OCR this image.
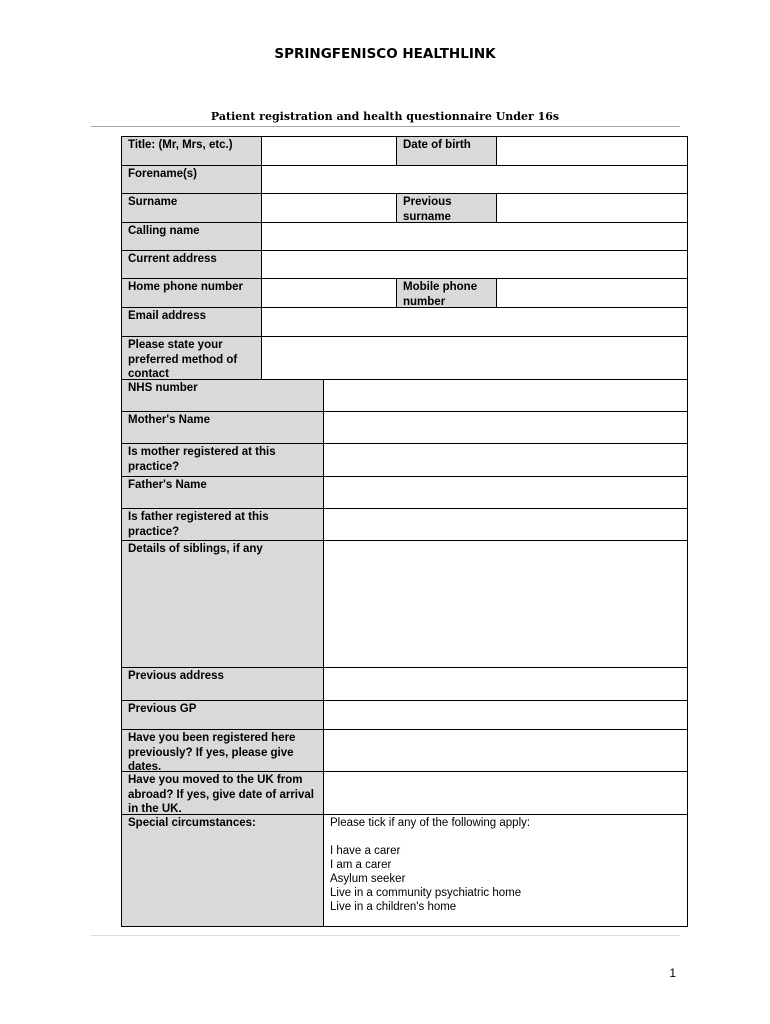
SPRINGFENISCO HEALTHLINK
Patient registration and health questionnaire Under 16s
Title: (Mr, Mrs, etc.)	Date of birth
Forename(s)
Surname	Previous surname
Calling name
Current address
Home phone number	Mobile phone number
Email address
Please state your preferred method of contact
NHS number
Mother's Name
Is mother registered at this practice?
Father's Name
Is father registered at this practice?
Details of siblings, if any
Previous address
Previous GP
Have you been registered here previously? If yes, please give dates.
Have you moved to the UK from abroad? If yes, give date of arrival in the UK.
Special circumstances:	Please tick if any of the following apply:

I have a carer

I am a carer

Asylum seeker

Live in a community psychiatric home

Live in a children's home

1
